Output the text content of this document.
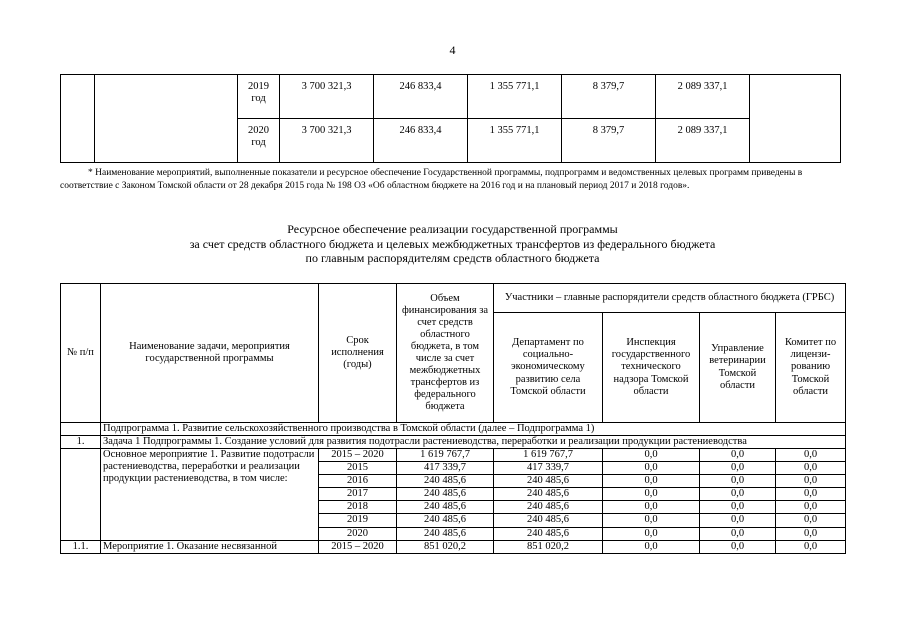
4
		2019
год	3 700 321,3	246 833,4	1 355 771,1	8 379,7	2 089 337,1	
		2020
год	3 700 321,3	246 833,4	1 355 771,1	8 379,7	2 089 337,1	
* Наименование мероприятий, выполненные показатели и ресурсное обеспечение Государственной программы, подпрограмм и ведомственных целевых программ приведены в соответствие с Законом Томской области от 28 декабря 2015 года № 198 ОЗ «Об областном бюджете на 2016 год и на плановый период 2017 и 2018 годов».
Ресурсное обеспечение реализации государственной программы
за счет средств областного бюджета и целевых межбюджетных трансфертов из федерального бюджета
по главным распорядителям средств областного бюджета
№ п/п	Наименование задачи, мероприятия государственной программы	Срок исполнения (годы)	Объем финансирования за счет средств областного бюджета, в том числе за счет межбюджетных трансфертов из федерального бюджета	Участники – главные распорядители средств областного бюджета (ГРБС)			
				Департамент по социально-экономическому развитию села Томской области	Инспекция государственного технического надзора Томской области	Управление ветеринарии Томской области	Комитет по лицензи-рованию Томской области
	Подпрограмма 1. Развитие сельскохозяйственного производства в Томской области (далее – Подпрограмма 1)						
1.	Задача 1 Подпрограммы 1. Создание условий для развития подотрасли растениеводства, переработки и реализации продукции растениеводства						
	Основное мероприятие 1. Развитие подотрасли растениеводства, переработки и реализации продукции растениеводства, в том числе:	2015 – 2020	1 619 767,7	1 619 767,7	0,0	0,0	0,0
		2015	417 339,7	417 339,7	0,0	0,0	0,0
		2016	240 485,6	240 485,6	0,0	0,0	0,0
		2017	240 485,6	240 485,6	0,0	0,0	0,0
		2018	240 485,6	240 485,6	0,0	0,0	0,0
		2019	240 485,6	240 485,6	0,0	0,0	0,0
		2020	240 485,6	240 485,6	0,0	0,0	0,0
1.1.	Мероприятие 1. Оказание несвязанной	2015 – 2020	851 020,2	851 020,2	0,0	0,0	0,0
